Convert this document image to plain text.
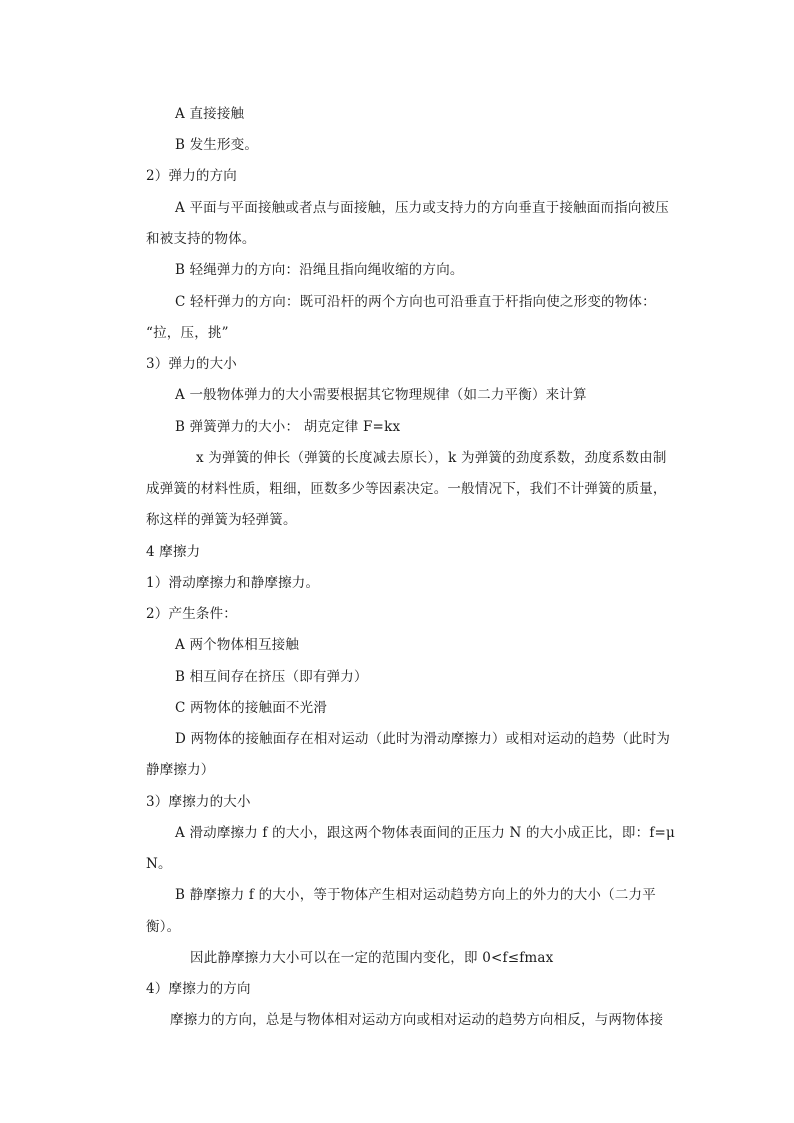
A 直接接触
B 发生形变。
2）弹力的方向
A 平面与平面接触或者点与面接触，压力或支持力的方向垂直于接触面而指向被压
和被支持的物体。
B 轻绳弹力的方向：沿绳且指向绳收缩的方向。
C 轻杆弹力的方向：既可沿杆的两个方向也可沿垂直于杆指向使之形变的物体：
“拉，压，挑”
3）弹力的大小
A 一般物体弹力的大小需要根据其它物理规律（如二力平衡）来计算
B 弹簧弹力的大小： 胡克定律 F=kx
x 为弹簧的伸长（弹簧的长度减去原长），k 为弹簧的劲度系数，劲度系数由制
成弹簧的材料性质，粗细，匝数多少等因素决定。一般情况下，我们不计弹簧的质量，
称这样的弹簧为轻弹簧。
4 摩擦力
1）滑动摩擦力和静摩擦力。
2）产生条件：
A 两个物体相互接触
B 相互间存在挤压（即有弹力）
C 两物体的接触面不光滑
D 两物体的接触面存在相对运动（此时为滑动摩擦力）或相对运动的趋势（此时为
静摩擦力）
3）摩擦力的大小
A 滑动摩擦力 f 的大小，跟这两个物体表面间的正压力 N 的大小成正比，即：f=μ
N。
B 静摩擦力 f 的大小，等于物体产生相对运动趋势方向上的外力的大小（二力平
衡）。
因此静摩擦力大小可以在一定的范围内变化，即 0<f≤fmax
4）摩擦力的方向
摩擦力的方向，总是与物体相对运动方向或相对运动的趋势方向相反，与两物体接
